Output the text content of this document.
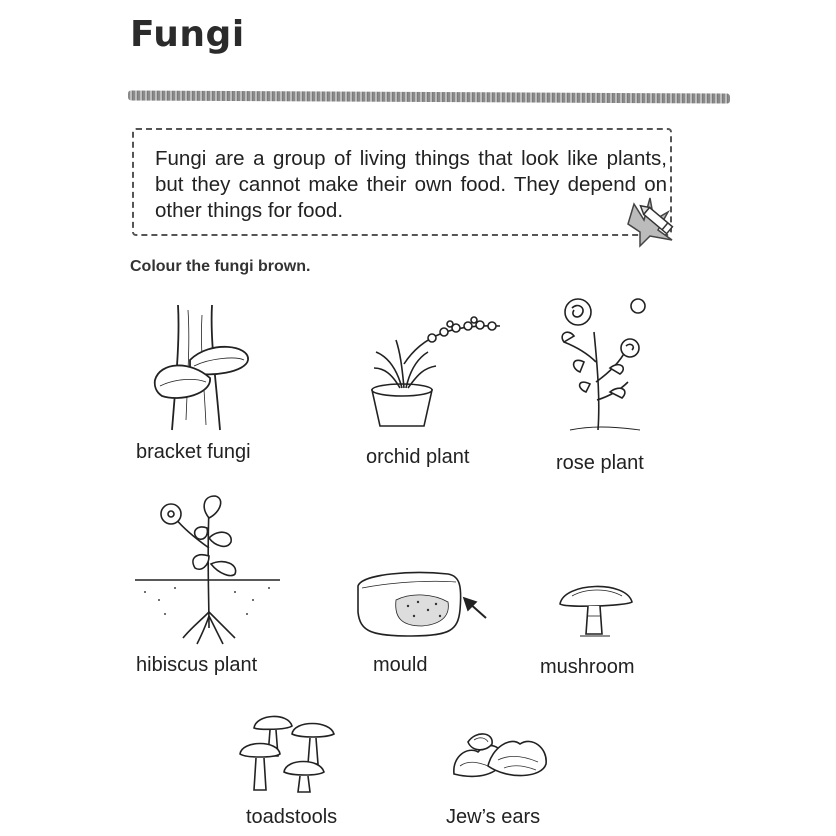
Fungi
Fungi are a group of living things that look like plants, but they cannot make their own food. They depend on other things for food.
Colour the fungi brown.
bracket fungi	orchid plant	rose plant
hibiscus plant	mould	mushroom
toadstools	Jew’s ears
